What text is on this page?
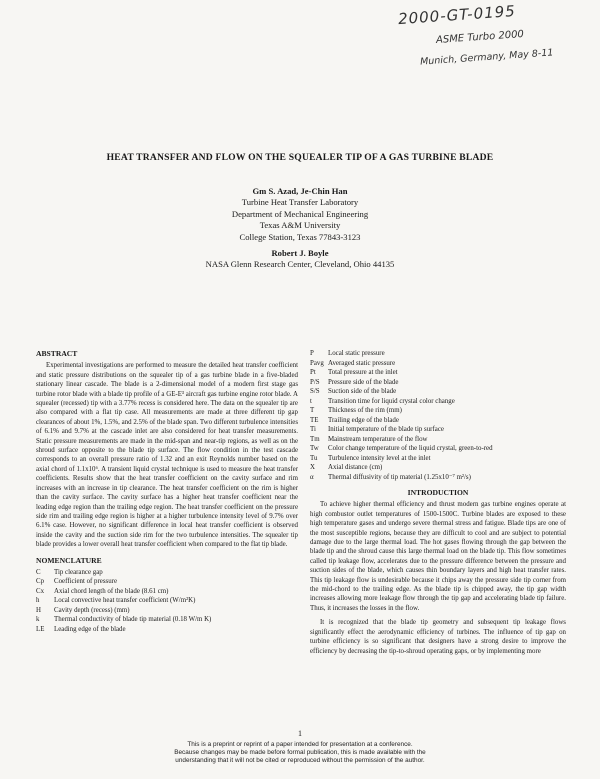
2000-GT-0195
ASME Turbo 2000
Munich, Germany, May 8-11
HEAT TRANSFER AND FLOW ON THE SQUEALER TIP OF A GAS TURBINE BLADE
Gm S. Azad, Je-Chin Han
Turbine Heat Transfer Laboratory
Department of Mechanical Engineering
Texas A&M University
College Station, Texas 77843-3123
Robert J. Boyle
NASA Glenn Research Center, Cleveland, Ohio 44135
ABSTRACT

Experimental investigations are performed to measure the detailed heat transfer coefficient and static pressure distributions on the squealer tip of a gas turbine blade in a five-bladed stationary linear cascade. The blade is a 2-dimensional model of a modern first stage gas turbine rotor blade with a blade tip profile of a GE-E³ aircraft gas turbine engine rotor blade. A squealer (recessed) tip with a 3.77% recess is considered here. The data on the squealer tip are also compared with a flat tip case. All measurements are made at three different tip gap clearances of about 1%, 1.5%, and 2.5% of the blade span. Two different turbulence intensities of 6.1% and 9.7% at the cascade inlet are also considered for heat transfer measurements. Static pressure measurements are made in the mid-span and near-tip regions, as well as on the shroud surface opposite to the blade tip surface. The flow condition in the test cascade corresponds to an overall pressure ratio of 1.32 and an exit Reynolds number based on the axial chord of 1.1x10⁶. A transient liquid crystal technique is used to measure the heat transfer coefficients. Results show that the heat transfer coefficient on the cavity surface and rim increases with an increase in tip clearance. The heat transfer coefficient on the rim is higher than the cavity surface. The cavity surface has a higher heat transfer coefficient near the leading edge region than the trailing edge region. The heat transfer coefficient on the pressure side rim and trailing edge region is higher at a higher turbulence intensity level of 9.7% over 6.1% case. However, no significant difference in local heat transfer coefficient is observed inside the cavity and the suction side rim for the two turbulence intensities. The squealer tip blade provides a lower overall heat transfer coefficient when compared to the flat tip blade.

NOMENCLATURE
C	Tip clearance gap
Cp	Coefficient of pressure
Cx	Axial chord length of the blade (8.61 cm)
h	Local convective heat transfer coefficient (W/m²K)
H	Cavity depth (recess) (mm)
k	Thermal conductivity of blade tip material (0.18 W/m K)
LE	Leading edge of the blade
P	Local static pressure
Pavg Averaged static pressure
Pt	Total pressure at the inlet
P/S	Pressure side of the blade
S/S	Suction side of the blade
t	Transition time for liquid crystal color change
T	Thickness of the rim (mm)
TE	Trailing edge of the blade
Ti	Initial temperature of the blade tip surface
Tm	Mainstream temperature of the flow
Tw	Color change temperature of the liquid crystal, green-to-red
Tu	Turbulence intensity level at the inlet
X	Axial distance (cm)
α	Thermal diffusivity of tip material (1.25x10⁻⁷ m²/s)
INTRODUCTION

To achieve higher thermal efficiency and thrust modern gas turbine engines operate at high combustor outlet temperatures of 1500-1500C. Turbine blades are exposed to these high temperature gases and undergo severe thermal stress and fatigue. Blade tips are one of the most susceptible regions, because they are difficult to cool and are subject to potential damage due to the large thermal load. The hot gases flowing through the gap between the blade tip and the shroud cause this large thermal load on the blade tip. This flow sometimes called tip leakage flow, accelerates due to the pressure difference between the pressure and suction sides of the blade, which causes thin boundary layers and high heat transfer rates. This tip leakage flow is undesirable because it chips away the pressure side tip corner from the mid-chord to the trailing edge. As the blade tip is chipped away, the tip gap width increases allowing more leakage flow through the tip gap and accelerating blade tip failure. Thus, it increases the losses in the flow.

It is recognized that the blade tip geometry and subsequent tip leakage flows significantly effect the aerodynamic efficiency of turbines. The influence of tip gap on turbine efficiency is so significant that designers have a strong desire to improve the efficiency by decreasing the tip-to-shroud operating gaps, or by implementing more

1
This is a preprint or reprint of a paper intended for presentation at a conference.
Because changes may be made before formal publication, this is made available with the
understanding that it will not be cited or reproduced without the permission of the author.
